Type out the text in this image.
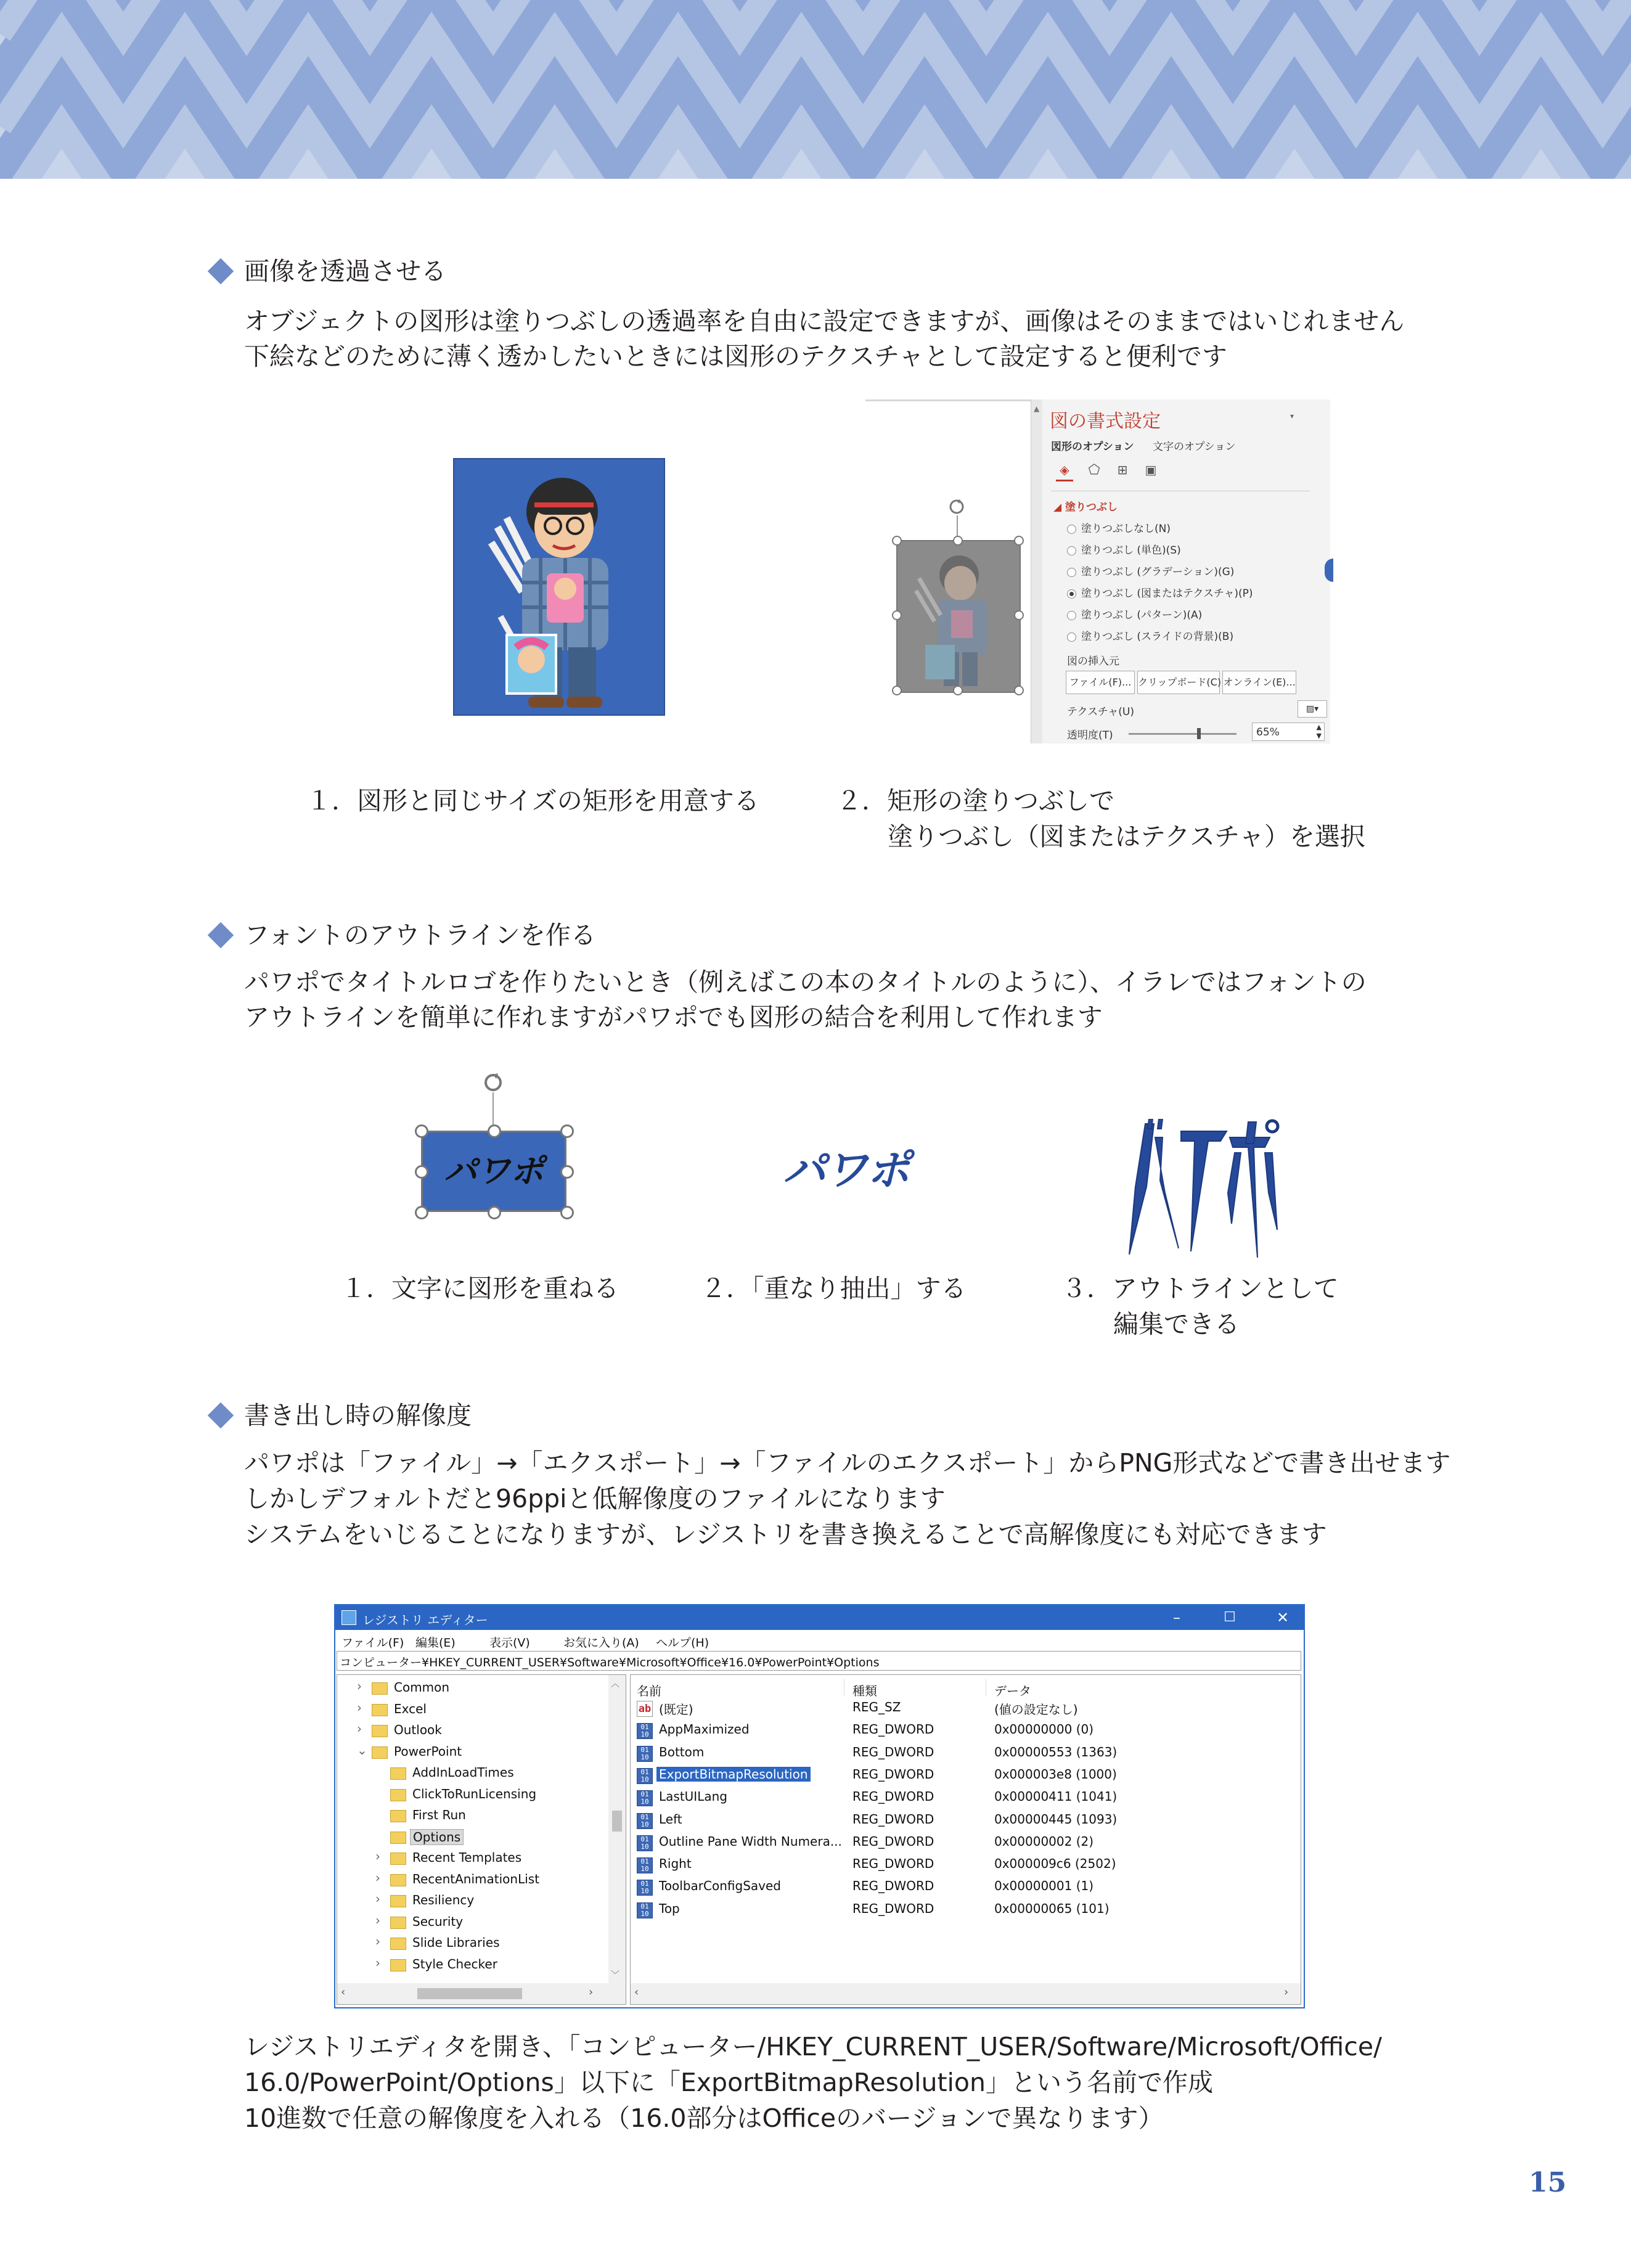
画像を透過させる
オブジェクトの図形は塗りつぶしの透過率を自由に設定できますが、画像はそのままではいじれません
下絵などのために薄く透かしたいときには図形のテクスチャとして設定すると便利です
▲
図の書式設定	▾
図形のオプション 文字のオプション
◈ ⬠ ⊞ ▣
◢ 塗りつぶし
塗りつぶしなし(N)
塗りつぶし (単色)(S)
塗りつぶし (グラデーション)(G)
塗りつぶし (図またはテクスチャ)(P)
塗りつぶし (パターン)(A)
塗りつぶし (スライドの背景)(B)
図の挿入元
ファイル(F)... クリップボード(C) オンライン(E)...
テクスチャ(U)	▨▾
透明度(T)	65%	▲
▼
１．図形と同じサイズの矩形を用意する	２．矩形の塗りつぶしで
塗りつぶし（図またはテクスチャ）を選択
フォントのアウトラインを作る
パワポでタイトルロゴを作りたいとき（例えばこの本のタイトルのように）、イラレではフォントの
アウトラインを簡単に作れますがパワポでも図形の結合を利用して作れます
パワポ	パワポ
１．文字に図形を重ねる	２．「重なり抽出」する	３．アウトラインとして
編集できる
書き出し時の解像度
パワポは「ファイル」→「エクスポート」→「ファイルのエクスポート」からPNG形式などで書き出せます
しかしデフォルトだと96ppiと低解像度のファイルになります
システムをいじることになりますが、レジストリを書き換えることで高解像度にも対応できます
レジストリ エディター	–	☐	✕
ファイル(F) 編集(E)	表示(V)	お気に入り(A) ヘルプ(H)
コンピューター¥HKEY_CURRENT_USER¥Software¥Microsoft¥Office¥16.0¥PowerPoint¥Options
›	Common
›	Excel
›	Outlook
⌄ PowerPoint
AddInLoadTimes
ClickToRunLicensing
First Run
Options
›	Recent Templates
›	RecentAnimationList
›	Resiliency
›	Security
›	Slide Libraries
›	Style Checker
︿
﹀
‹	›
名前	種類	データ
ab (既定)	REG_SZ	(値の設定なし)
01 10 AppMaximized	REG_DWORD	0x00000000 (0)
01 10 Bottom	REG_DWORD	0x00000553 (1363)
01 10 ExportBitmapResolution	REG_DWORD	0x000003e8 (1000)
01 10 LastUILang	REG_DWORD	0x00000411 (1041)
01 10 Left	REG_DWORD	0x00000445 (1093)
01 10 Outline Pane Width Numera... REG_DWORD	0x00000002 (2)
01 10 Right	REG_DWORD	0x000009c6 (2502)
01 10 ToolbarConfigSaved	REG_DWORD	0x00000001 (1)
01 10 Top	REG_DWORD	0x00000065 (101)
‹	›
レジストリエディタを開き、「コンピューター/HKEY_CURRENT_USER/Software/Microsoft/Office/
16.0/PowerPoint/Options」以下に「ExportBitmapResolution」という名前で作成
10進数で任意の解像度を入れる（16.0部分はOfficeのバージョンで異なります）
15
